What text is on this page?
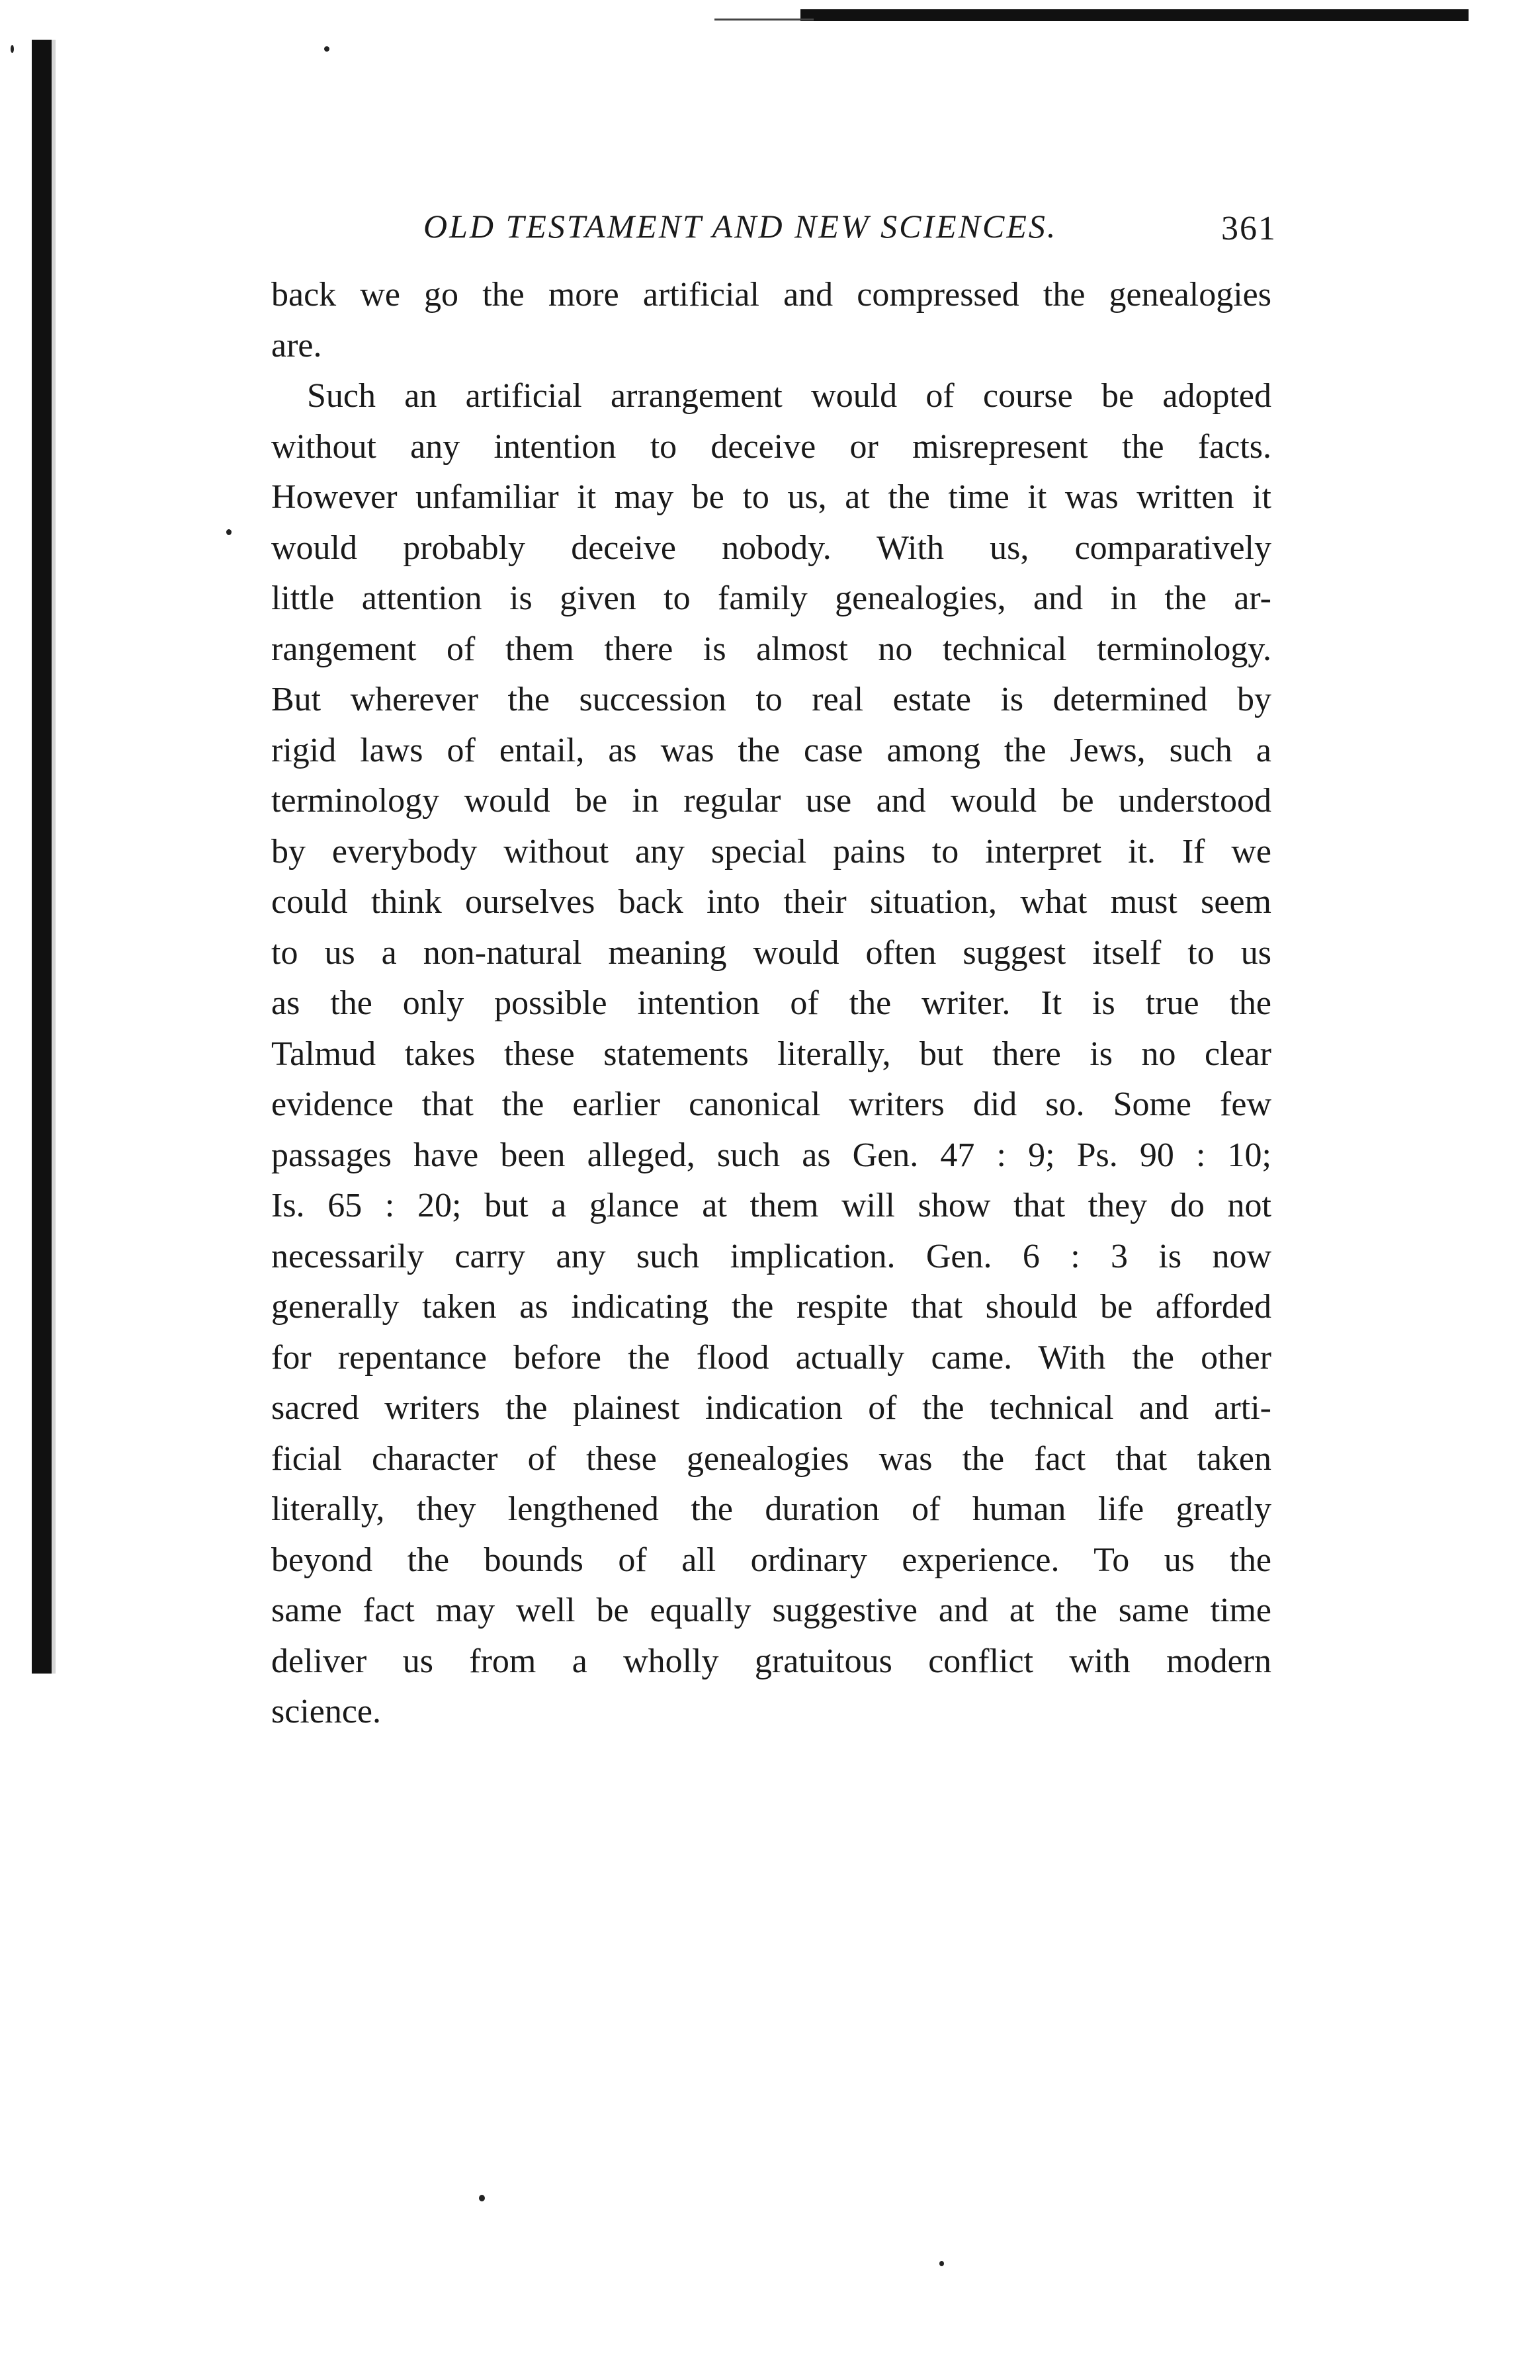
OLD TESTAMENT AND NEW SCIENCES.	361
back we go the more artificial and compressed the genealogies
are.
Such an artificial arrangement would of course be adopted
without any intention to deceive or misrepresent the facts.
However unfamiliar it may be to us, at the time it was written it
would probably deceive nobody. With us, comparatively
little attention is given to family genealogies, and in the ar-
rangement of them there is almost no technical terminology.
But wherever the succession to real estate is determined by
rigid laws of entail, as was the case among the Jews, such a
terminology would be in regular use and would be understood
by everybody without any special pains to interpret it. If we
could think ourselves back into their situation, what must seem
to us a non-natural meaning would often suggest itself to us
as the only possible intention of the writer. It is true the
Talmud takes these statements literally, but there is no clear
evidence that the earlier canonical writers did so. Some few
passages have been alleged, such as Gen. 47 : 9; Ps. 90 : 10;
Is. 65 : 20; but a glance at them will show that they do not
necessarily carry any such implication. Gen. 6 : 3 is now
generally taken as indicating the respite that should be afforded
for repentance before the flood actually came. With the other
sacred writers the plainest indication of the technical and arti-
ficial character of these genealogies was the fact that taken
literally, they lengthened the duration of human life greatly
beyond the bounds of all ordinary experience. To us the
same fact may well be equally suggestive and at the same time
deliver us from a wholly gratuitous conflict with modern
science.
